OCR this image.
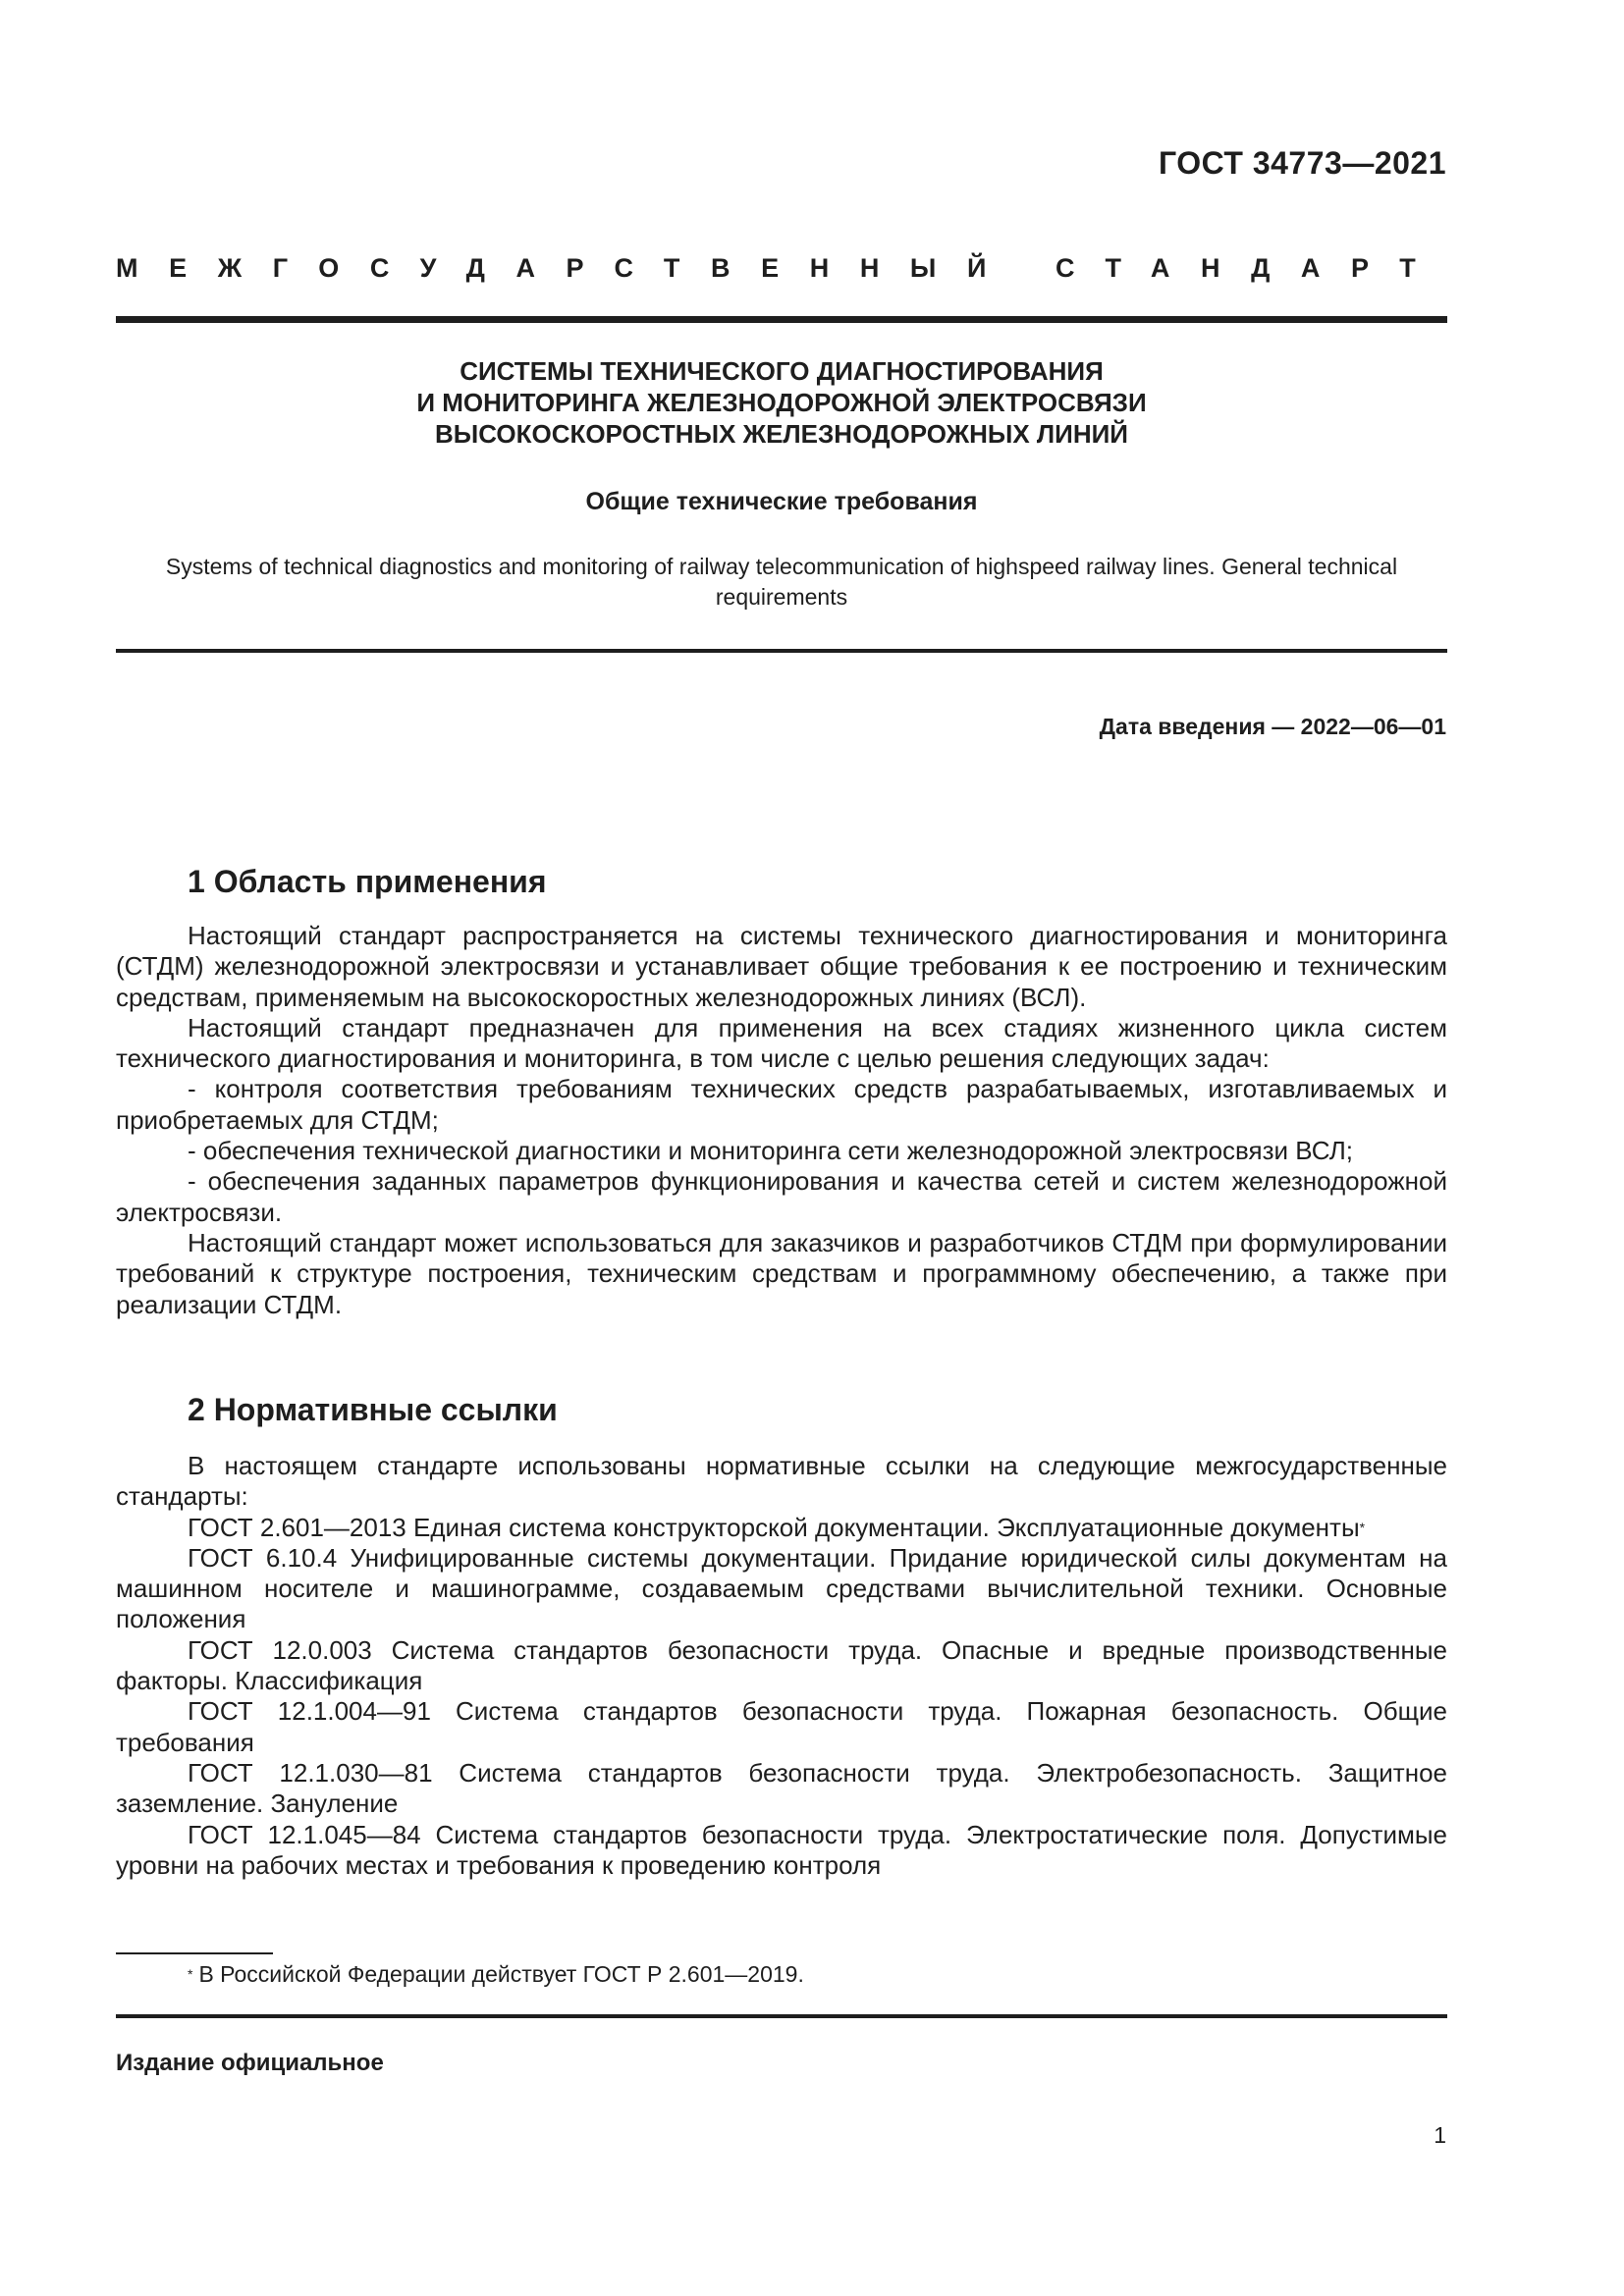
ГОСТ 34773—2021
МЕЖГОСУДАРСТВЕННЫЙ СТАНДАРТ
СИСТЕМЫ ТЕХНИЧЕСКОГО ДИАГНОСТИРОВАНИЯ
И МОНИТОРИНГА ЖЕЛЕЗНОДОРОЖНОЙ ЭЛЕКТРОСВЯЗИ
ВЫСОКОСКОРОСТНЫХ ЖЕЛЕЗНОДОРОЖНЫХ ЛИНИЙ
Общие технические требования
Systems of technical diagnostics and monitoring of railway telecommunication of highspeed railway lines. General technical requirements
Дата введения — 2022—06—01
1 Область применения

Настоящий стандарт распространяется на системы технического диагностирования и мониторинга (СТДМ) железнодорожной электросвязи и устанавливает общие требования к ее построению и техническим средствам, применяемым на высокоскоростных железнодорожных линиях (ВСЛ).

Настоящий стандарт предназначен для применения на всех стадиях жизненного цикла систем технического диагностирования и мониторинга, в том числе с целью решения следующих задач:

- контроля соответствия требованиям технических средств разрабатываемых, изготавливаемых и приобретаемых для СТДМ;

- обеспечения технической диагностики и мониторинга сети железнодорожной электросвязи ВСЛ;

- обеспечения заданных параметров функционирования и качества сетей и систем железнодорожной электросвязи.

Настоящий стандарт может использоваться для заказчиков и разработчиков СТДМ при формулировании требований к структуре построения, техническим средствам и программному обеспечению, а также при реализации СТДМ.

2 Нормативные ссылки

В настоящем стандарте использованы нормативные ссылки на следующие межгосударственные стандарты:

ГОСТ 2.601—2013 Единая система конструкторской документации. Эксплуатационные документы*

ГОСТ 6.10.4 Унифицированные системы документации. Придание юридической силы документам на машинном носителе и машинограмме, создаваемым средствами вычислительной техники. Основные положения

ГОСТ 12.0.003 Система стандартов безопасности труда. Опасные и вредные производственные факторы. Классификация

ГОСТ 12.1.004—91 Система стандартов безопасности труда. Пожарная безопасность. Общие требования

ГОСТ 12.1.030—81 Система стандартов безопасности труда. Электробезопасность. Защитное заземление. Зануление

ГОСТ 12.1.045—84 Система стандартов безопасности труда. Электростатические поля. Допустимые уровни на рабочих местах и требования к проведению контроля

* В Российской Федерации действует ГОСТ Р 2.601—2019.
Издание официальное
1
